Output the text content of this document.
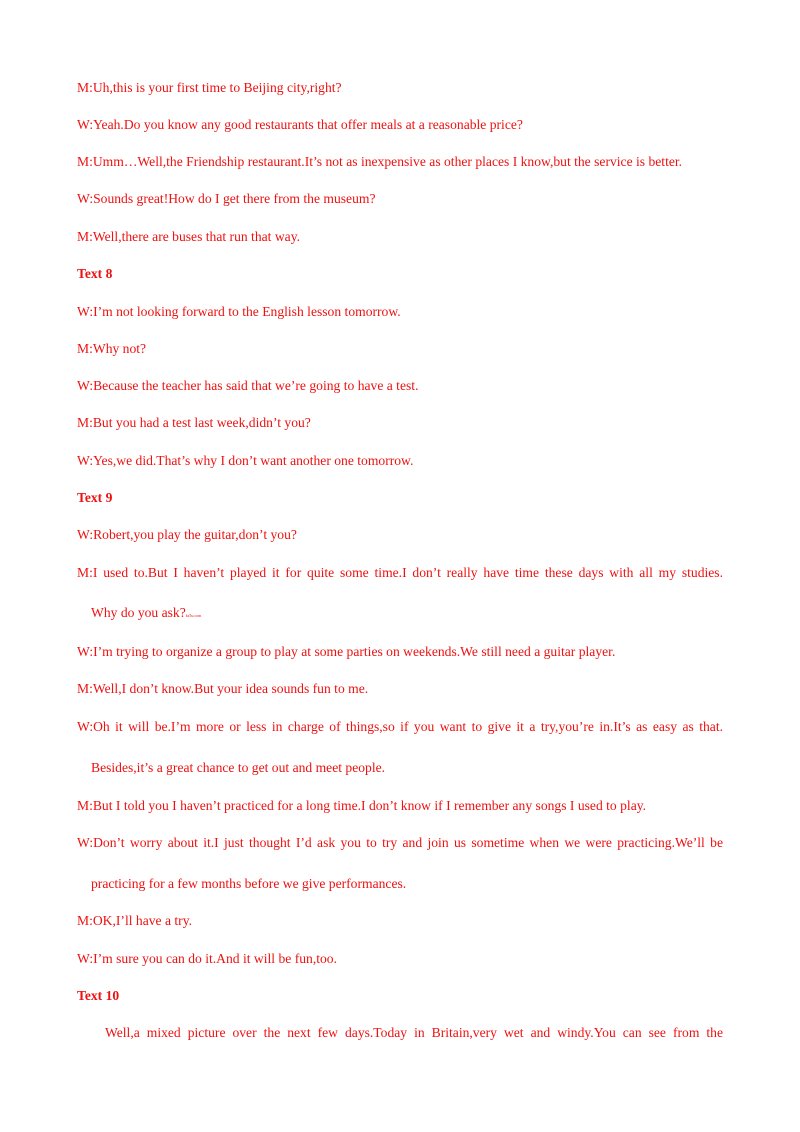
M:Uh,this is your first time to Beijing city,right?
W:Yeah.Do you know any good restaurants that offer meals at a reasonable price?
M:Umm…Well,the Friendship restaurant.It’s not as inexpensive as other places I know,but the service is better.
W:Sounds great!How do I get there from the museum?
M:Well,there are buses that run that way.
Text 8
W:I’m not looking forward to the English lesson tomorrow.
M:Why not?
W:Because the teacher has said that we’re going to have a test.
M:But you had a test last week,didn’t you?
W:Yes,we did.That’s why I don’t want another one tomorrow.
Text 9
W:Robert,you play the guitar,don’t you?
M:I used to.But I haven’t played it for quite some time.I don’t really have time these days with all my studies.
Why do you ask?ks5u.com
W:I’m trying to organize a group to play at some parties on weekends.We still need a guitar player.
M:Well,I don’t know.But your idea sounds fun to me.
W:Oh it will be.I’m more or less in charge of things,so if you want to give it a try,you’re in.It’s as easy as that.
Besides,it’s a great chance to get out and meet people.
M:But I told you I haven’t practiced for a long time.I don’t know if I remember any songs I used to play.
W:Don’t worry about it.I just thought I’d ask you to try and join us sometime when we were practicing.We’ll be
practicing for a few months before we give performances.
M:OK,I’ll have a try.
W:I’m sure you can do it.And it will be fun,too.
Text 10
Well,a mixed picture over the next few days.Today in Britain,very wet and windy.You can see from the
